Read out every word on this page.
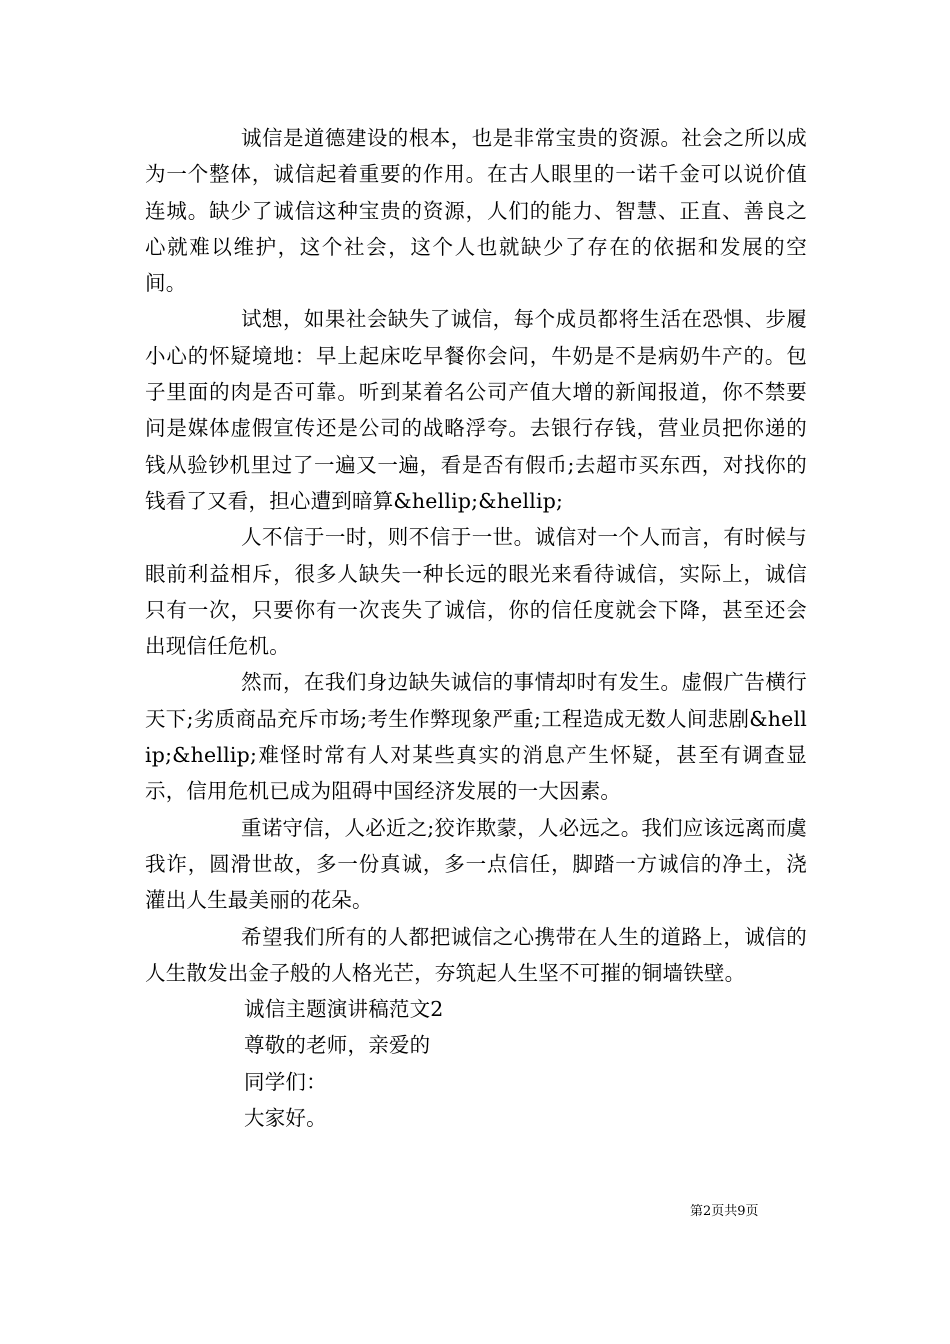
诚信是道德建设的根本，也是非常宝贵的资源。社会之所以成为一个整体，诚信起着重要的作用。在古人眼里的一诺千金可以说价值连城。缺少了诚信这种宝贵的资源，人们的能力、智慧、正直、善良之心就难以维护，这个社会，这个人也就缺少了存在的依据和发展的空间。

试想，如果社会缺失了诚信，每个成员都将生活在恐惧、步履小心的怀疑境地：早上起床吃早餐你会问，牛奶是不是病奶牛产的。包子里面的肉是否可靠。听到某着名公司产值大增的新闻报道，你不禁要问是媒体虚假宣传还是公司的战略浮夸。去银行存钱，营业员把你递的钱从验钞机里过了一遍又一遍，看是否有假币;去超市买东西，对找你的钱看了又看，担心遭到暗算&hellip;&hellip;

人不信于一时，则不信于一世。诚信对一个人而言，有时候与眼前利益相斥，很多人缺失一种长远的眼光来看待诚信，实际上，诚信只有一次，只要你有一次丧失了诚信，你的信任度就会下降，甚至还会出现信任危机。

然而，在我们身边缺失诚信的事情却时有发生。虚假广告横行天下;劣质商品充斥市场;考生作弊现象严重;工程造成无数人间悲剧&hellip;&hellip;难怪时常有人对某些真实的消息产生怀疑，甚至有调查显示，信用危机已成为阻碍中国经济发展的一大因素。

重诺守信，人必近之;狡诈欺蒙，人必远之。我们应该远离而虞我诈，圆滑世故，多一份真诚，多一点信任，脚踏一方诚信的净土，浇灌出人生最美丽的花朵。

希望我们所有的人都把诚信之心携带在人生的道路上，诚信的人生散发出金子般的人格光芒，夯筑起人生坚不可摧的铜墙铁壁。

诚信主题演讲稿范文2

尊敬的老师，亲爱的

同学们：

大家好。

第2页共9页
